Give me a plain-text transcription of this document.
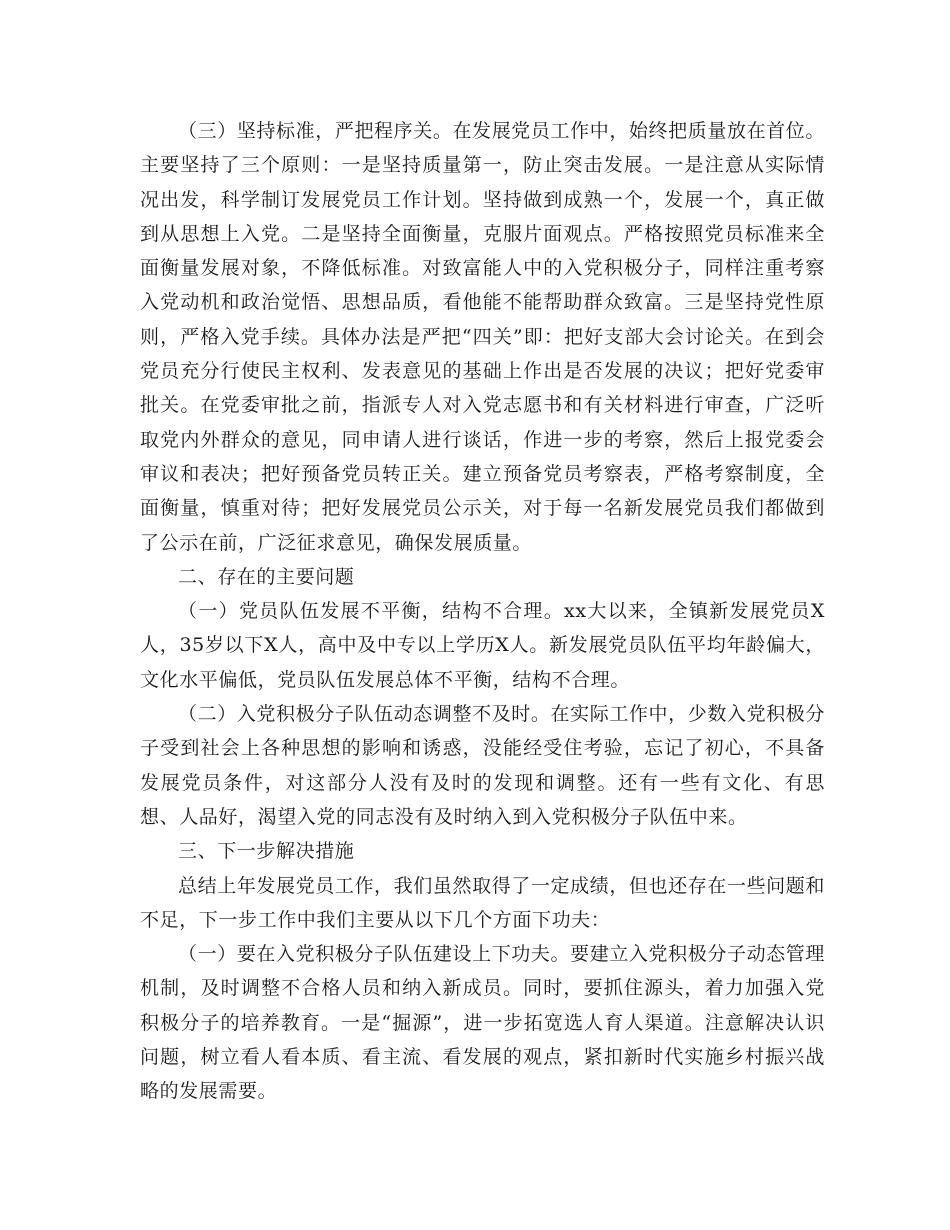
（三）坚持标准，严把程序关。在发展党员工作中，始终把质量放在首位。主要坚持了三个原则：一是坚持质量第一，防止突击发展。一是注意从实际情况出发，科学制订发展党员工作计划。坚持做到成熟一个，发展一个，真正做到从思想上入党。二是坚持全面衡量，克服片面观点。严格按照党员标准来全面衡量发展对象，不降低标准。对致富能人中的入党积极分子，同样注重考察入党动机和政治觉悟、思想品质，看他能不能帮助群众致富。三是坚持党性原则，严格入党手续。具体办法是严把“四关”即：把好支部大会讨论关。在到会党员充分行使民主权利、发表意见的基础上作出是否发展的决议；把好党委审批关。在党委审批之前，指派专人对入党志愿书和有关材料进行审查，广泛听取党内外群众的意见，同申请人进行谈话，作进一步的考察，然后上报党委会审议和表决；把好预备党员转正关。建立预备党员考察表，严格考察制度，全面衡量，慎重对待；把好发展党员公示关，对于每一名新发展党员我们都做到了公示在前，广泛征求意见，确保发展质量。

二、存在的主要问题

（一）党员队伍发展不平衡，结构不合理。xx大以来，全镇新发展党员X人，35岁以下X人，高中及中专以上学历X人。新发展党员队伍平均年龄偏大，文化水平偏低，党员队伍发展总体不平衡，结构不合理。

（二）入党积极分子队伍动态调整不及时。在实际工作中，少数入党积极分子受到社会上各种思想的影响和诱惑，没能经受住考验，忘记了初心，不具备发展党员条件，对这部分人没有及时的发现和调整。还有一些有文化、有思想、人品好，渴望入党的同志没有及时纳入到入党积极分子队伍中来。

三、下一步解决措施

总结上年发展党员工作，我们虽然取得了一定成绩，但也还存在一些问题和不足，下一步工作中我们主要从以下几个方面下功夫：

（一）要在入党积极分子队伍建设上下功夫。要建立入党积极分子动态管理机制，及时调整不合格人员和纳入新成员。同时，要抓住源头，着力加强入党积极分子的培养教育。一是“掘源”，进一步拓宽选人育人渠道。注意解决认识问题，树立看人看本质、看主流、看发展的观点，紧扣新时代实施乡村振兴战略的发展需要。
